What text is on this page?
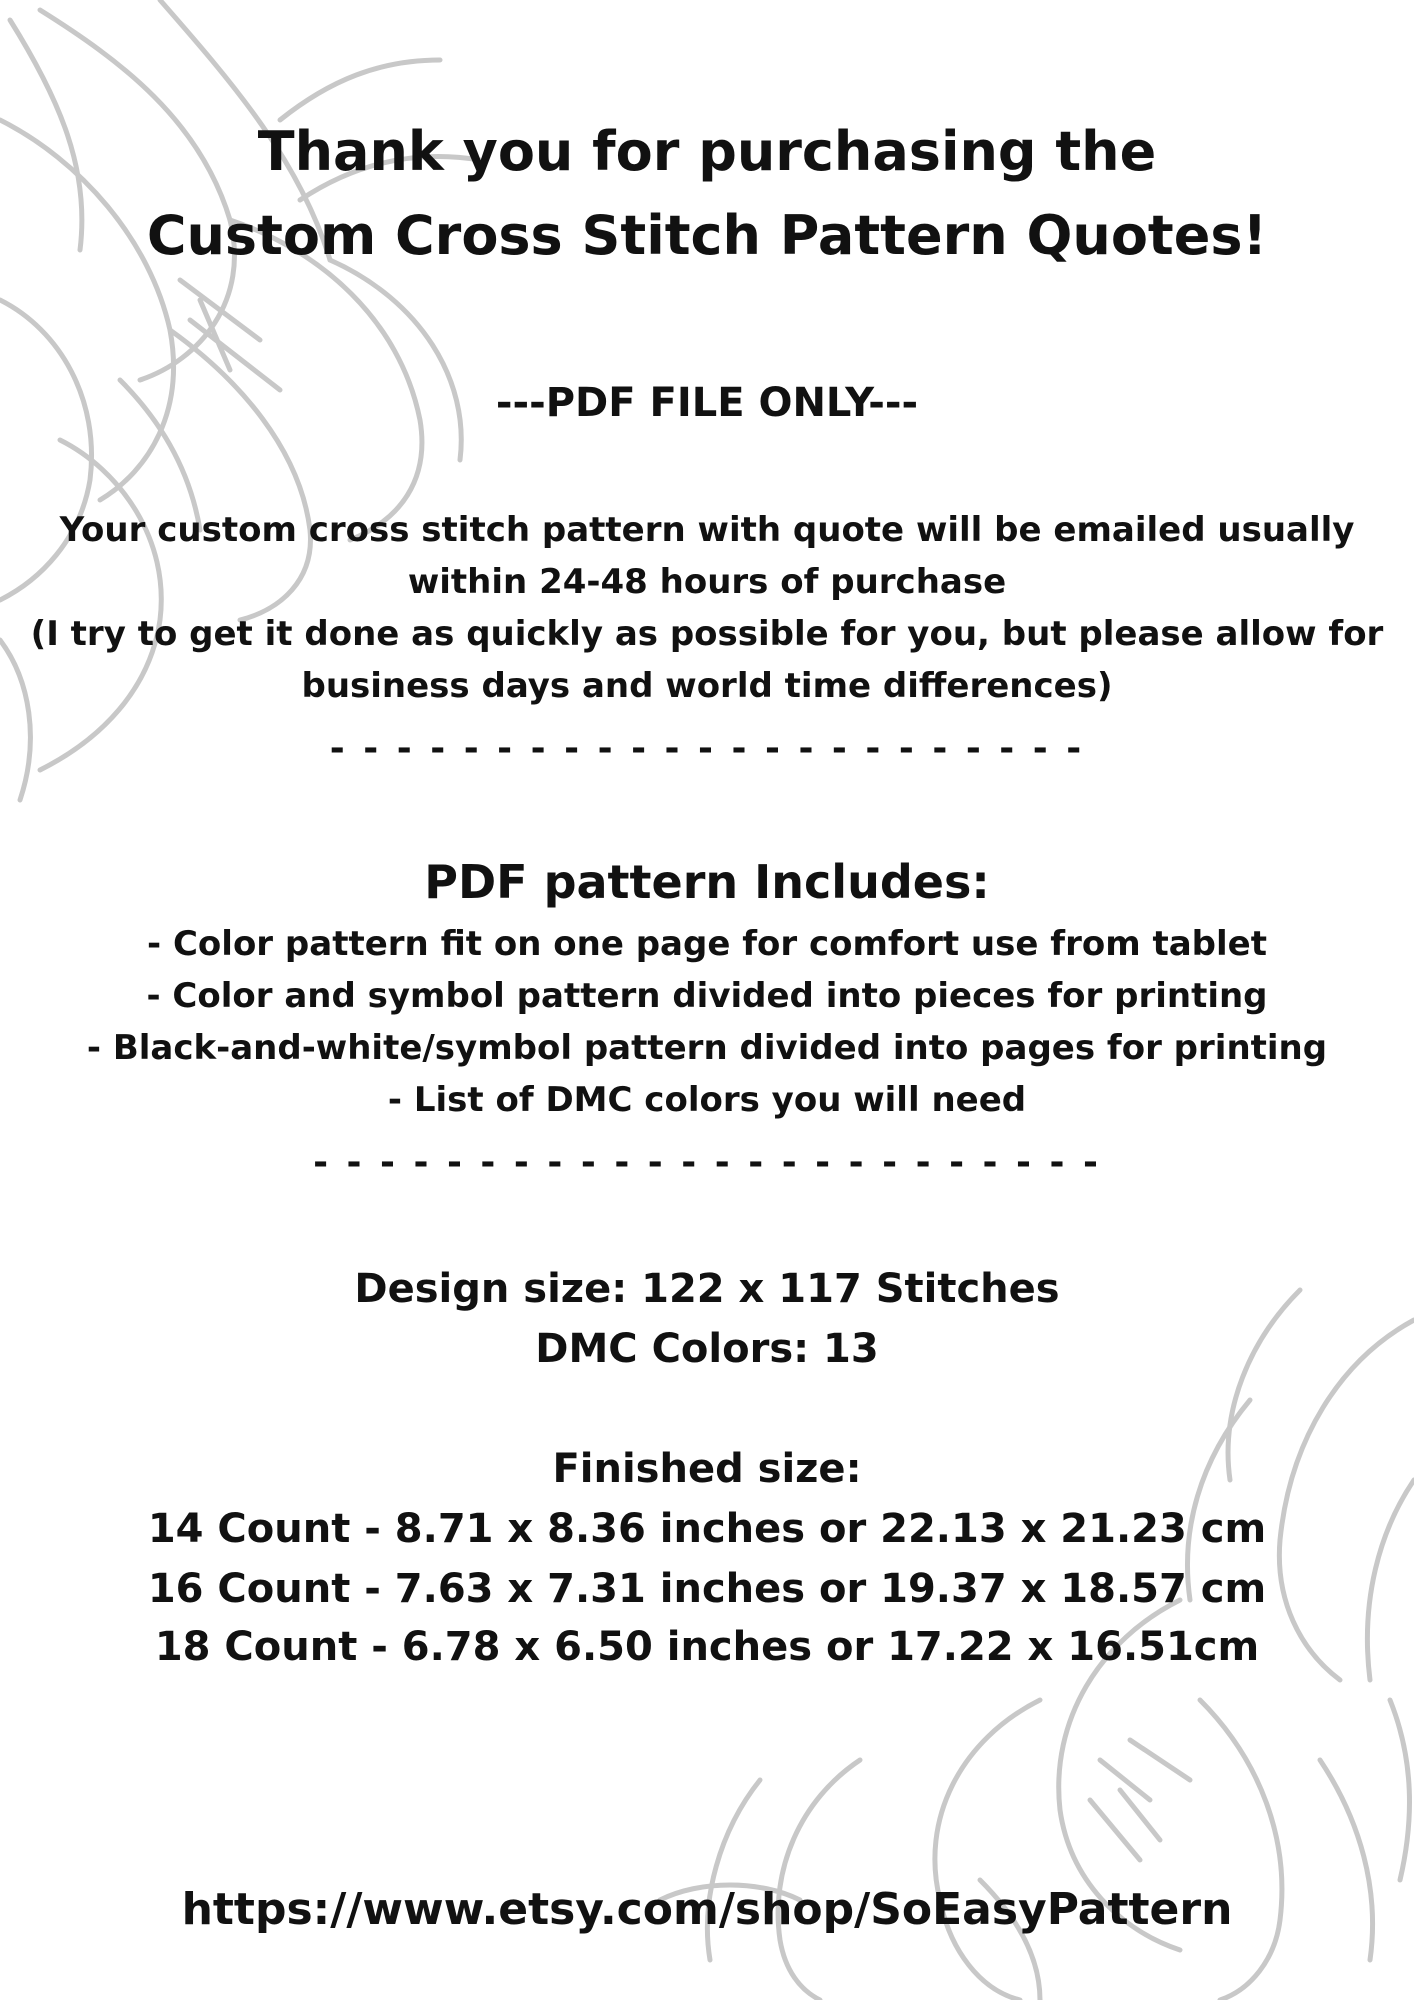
Thank you for purchasing the
Custom Cross Stitch Pattern Quotes!
---PDF FILE ONLY---
Your custom cross stitch pattern with quote will be emailed usually
within 24-48 hours of purchase
(I try to get it done as quickly as possible for you, but please allow for
business days and world time differences)
- - - - - - - - - - - - - - - - - - - - - - -
PDF pattern Includes:
- Color pattern fit on one page for comfort use from tablet
- Color and symbol pattern divided into pieces for printing
- Black-and-white/symbol pattern divided into pages for printing
- List of DMC colors you will need
- - - - - - - - - - - - - - - - - - - - - - - -
Design size: 122 x 117 Stitches
DMC Colors: 13
Finished size:
14 Count - 8.71 x 8.36 inches or 22.13 x 21.23 cm
16 Count - 7.63 x 7.31 inches or 19.37 x 18.57 cm
18 Count - 6.78 x 6.50 inches or 17.22 x 16.51cm
https://www.etsy.com/shop/SoEasyPattern
